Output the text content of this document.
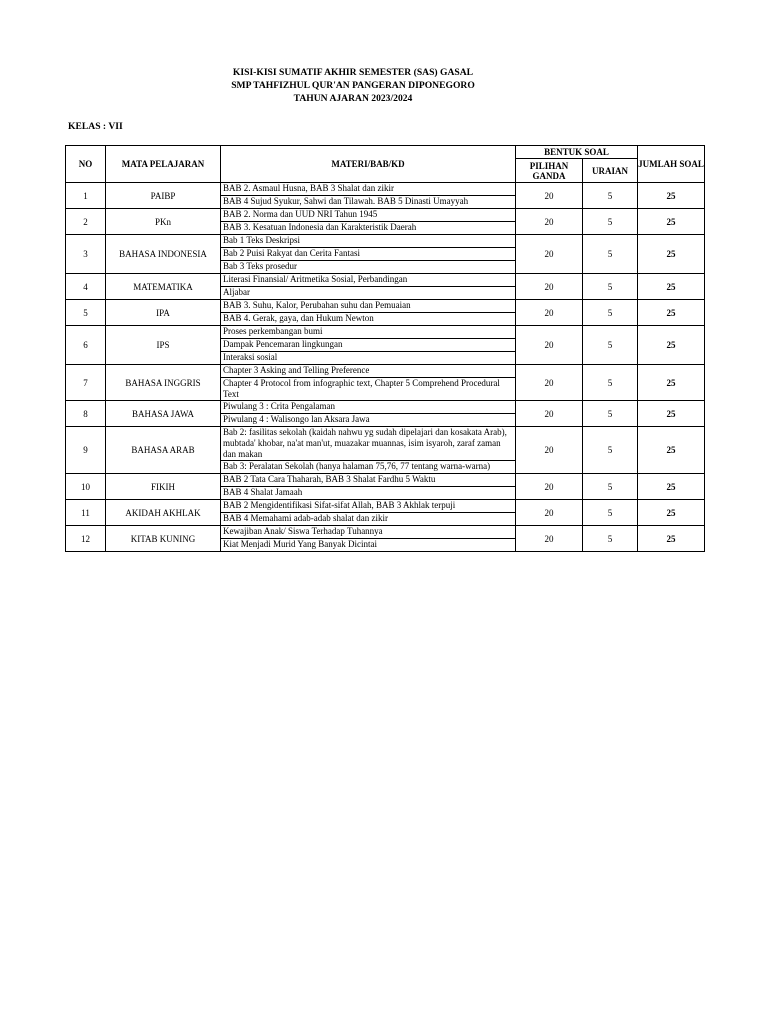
KISI-KISI SUMATIF AKHIR SEMESTER (SAS) GASAL
SMP TAHFIZHUL QUR'AN PANGERAN DIPONEGORO
TAHUN AJARAN 2023/2024
KELAS : VII
NO	MATA PELAJARAN	MATERI/BAB/KD	BENTUK SOAL		JUMLAH SOAL
			PILIHAN GANDA	URAIAN	
1	PAIBP	BAB 2. Asmaul Husna, BAB 3 Shalat dan zikir
BAB 4 Sujud Syukur, Sahwi dan Tilawah. BAB 5 Dinasti Umayyah	20	5	25
2	PKn	BAB 2. Norma dan UUD NRI Tahun 1945
BAB 3. Kesatuan Indonesia dan Karakteristik Daerah	20	5	25
3	BAHASA INDONESIA	Bab 1 Teks Deskripsi
Bab 2 Puisi Rakyat dan Cerita Fantasi
Bab 3 Teks prosedur	20	5	25
4	MATEMATIKA	Literasi Finansial/ Aritmetika Sosial, Perbandingan
Aljabar	20	5	25
5	IPA	BAB 3. Suhu, Kalor, Perubahan suhu dan Pemuaian
BAB 4. Gerak, gaya, dan Hukum Newton	20	5	25
6	IPS	Proses perkembangan bumi
Dampak Pencemaran lingkungan
Interaksi sosial	20	5	25
7	BAHASA INGGRIS	Chapter 3 Asking and Telling Preference
Chapter 4 Protocol from infographic text, Chapter 5 Comprehend Procedural Text	20	5	25
8	BAHASA JAWA	Piwulang 3 : Crita Pengalaman
Piwulang 4 : Walisongo lan Aksara Jawa	20	5	25
9	BAHASA ARAB	Bab 2: fasilitas sekolah (kaidah nahwu yg sudah dipelajari dan kosakata Arab), mubtada' khobar, na'at man'ut, muazakar muannas, isim isyaroh, zaraf zaman dan makan
Bab 3: Peralatan Sekolah (hanya halaman 75,76, 77 tentang warna-warna)	20	5	25
10	FIKIH	BAB 2 Tata Cara Thaharah, BAB 3 Shalat Fardhu 5 Waktu
BAB 4 Shalat Jamaah	20	5	25
11	AKIDAH AKHLAK	BAB 2 Mengidentifikasi Sifat-sifat Allah, BAB 3 Akhlak terpuji
BAB 4 Memahami adab-adab shalat dan zikir	20	5	25
12	KITAB KUNING	Kewajiban Anak/ Siswa Terhadap Tuhannya
Kiat Menjadi Murid Yang Banyak Dicintai	20	5	25
